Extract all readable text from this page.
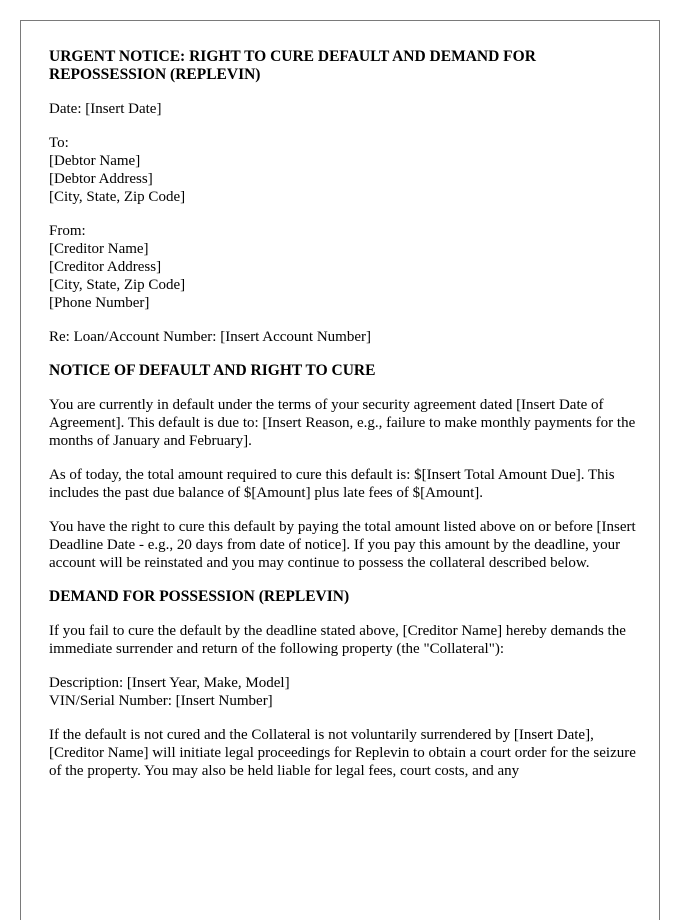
URGENT NOTICE: RIGHT TO CURE DEFAULT AND DEMAND FOR REPOSSESSION (REPLEVIN)
Date: [Insert Date]
To:
[Debtor Name]
[Debtor Address]
[City, State, Zip Code]
From:
[Creditor Name]
[Creditor Address]
[City, State, Zip Code]
[Phone Number]
Re: Loan/Account Number: [Insert Account Number]
NOTICE OF DEFAULT AND RIGHT TO CURE
You are currently in default under the terms of your security agreement dated [Insert Date of Agreement]. This default is due to: [Insert Reason, e.g., failure to make monthly payments for the months of January and February].
As of today, the total amount required to cure this default is: $[Insert Total Amount Due]. This includes the past due balance of $[Amount] plus late fees of $[Amount].
You have the right to cure this default by paying the total amount listed above on or before [Insert Deadline Date - e.g., 20 days from date of notice]. If you pay this amount by the deadline, your account will be reinstated and you may continue to possess the collateral described below.
DEMAND FOR POSSESSION (REPLEVIN)
If you fail to cure the default by the deadline stated above, [Creditor Name] hereby demands the immediate surrender and return of the following property (the "Collateral"):
Description: [Insert Year, Make, Model]
VIN/Serial Number: [Insert Number]
If the default is not cured and the Collateral is not voluntarily surrendered by [Insert Date], [Creditor Name] will initiate legal proceedings for Replevin to obtain a court order for the seizure of the property. You may also be held liable for legal fees, court costs, and any
